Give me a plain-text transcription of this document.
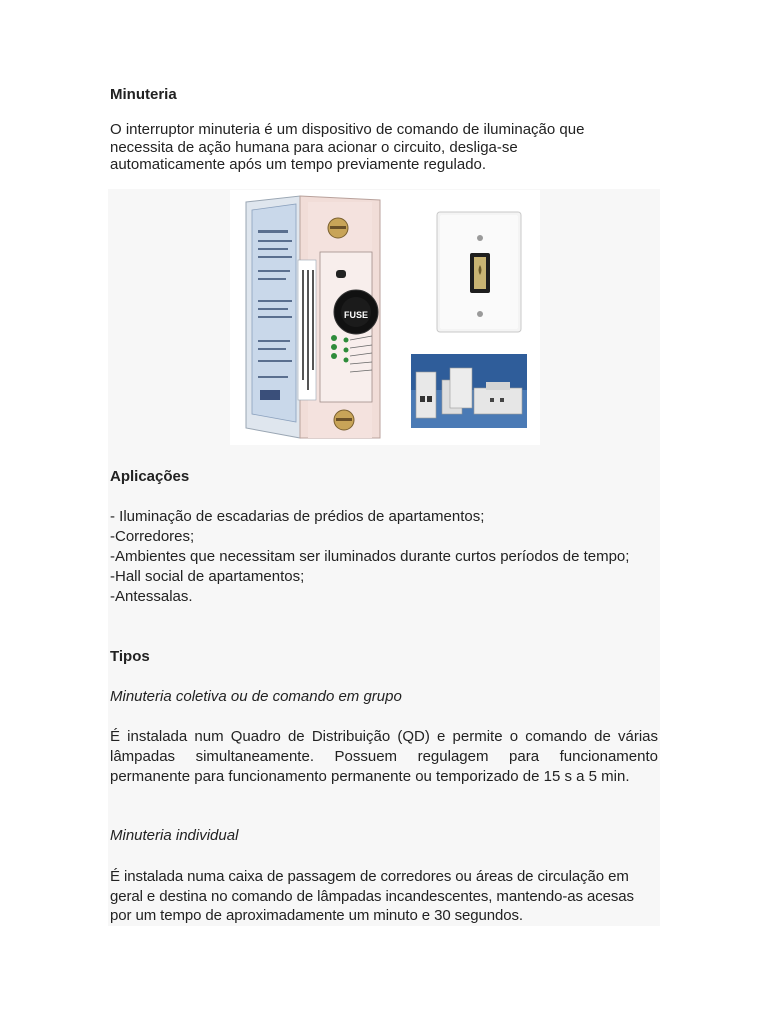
Minuteria
O interruptor minuteria é um dispositivo de comando de iluminação que necessita de ação humana para acionar o circuito, desliga-se automaticamente após um tempo previamente regulado.
FUSE
Aplicações
- Iluminação de escadarias de prédios de apartamentos;
-Corredores;
-Ambientes que necessitam ser iluminados durante curtos períodos de tempo;
-Hall social de apartamentos;
-Antessalas.
Tipos
Minuteria coletiva ou de comando em grupo
É instalada num Quadro de Distribuição (QD) e permite o comando de várias lâmpadas simultaneamente. Possuem regulagem para funcionamento permanente para funcionamento permanente ou temporizado de 15 s a 5 min.
Minuteria individual
É instalada numa caixa de passagem de corredores ou áreas de circulação em geral e destina no comando de lâmpadas incandescentes, mantendo-as acesas por um tempo de aproximadamente um minuto e 30 segundos.
